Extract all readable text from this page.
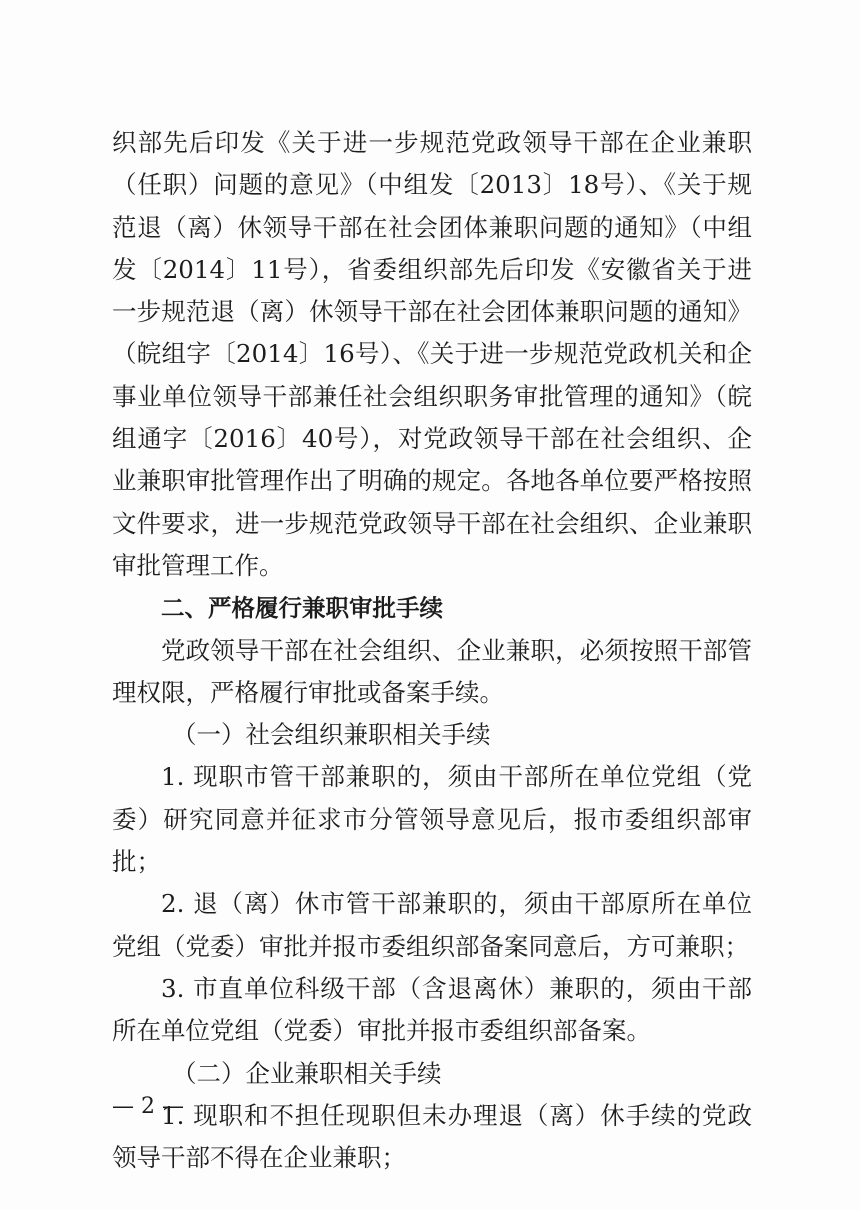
织部先后印发《关于进一步规范党政领导干部在企业兼职（任职）问题的意见》（中组发〔2013〕18号）、《关于规范退（离）休领导干部在社会团体兼职问题的通知》（中组发〔2014〕11号），省委组织部先后印发《安徽省关于进一步规范退（离）休领导干部在社会团体兼职问题的通知》（皖组字〔2014〕16号）、《关于进一步规范党政机关和企事业单位领导干部兼任社会组织职务审批管理的通知》（皖组通字〔2016〕40号），对党政领导干部在社会组织、企业兼职审批管理作出了明确的规定。各地各单位要严格按照文件要求，进一步规范党政领导干部在社会组织、企业兼职审批管理工作。

二、严格履行兼职审批手续

党政领导干部在社会组织、企业兼职，必须按照干部管理权限，严格履行审批或备案手续。

（一）社会组织兼职相关手续

1. 现职市管干部兼职的，须由干部所在单位党组（党委）研究同意并征求市分管领导意见后，报市委组织部审批；

2. 退（离）休市管干部兼职的，须由干部原所在单位党组（党委）审批并报市委组织部备案同意后，方可兼职；

3. 市直单位科级干部（含退离休）兼职的，须由干部所在单位党组（党委）审批并报市委组织部备案。

（二）企业兼职相关手续

1. 现职和不担任现职但未办理退（离）休手续的党政领导干部不得在企业兼职；

— 2 —
